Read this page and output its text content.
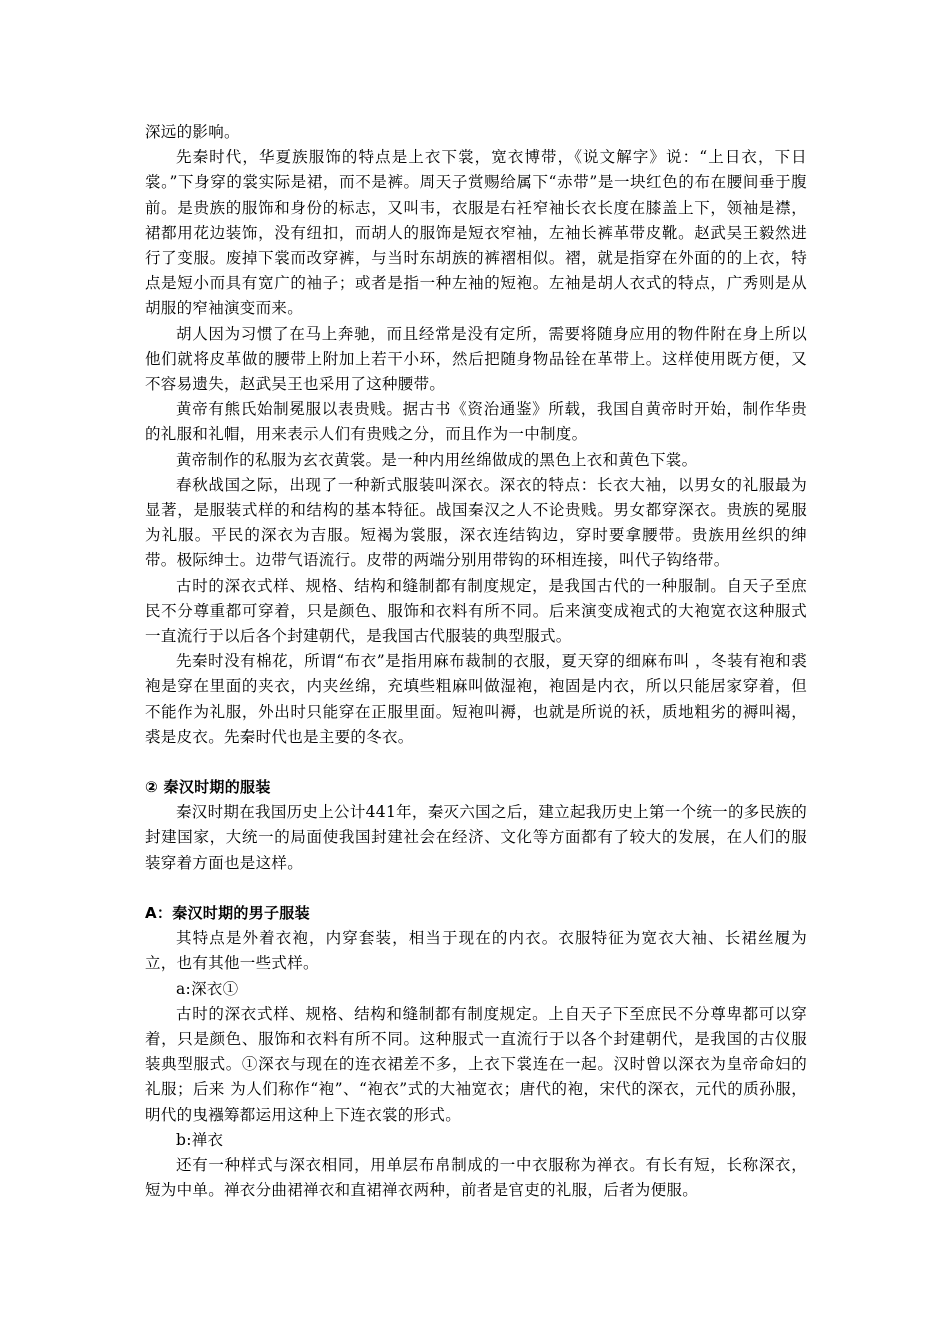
深远的影响。

先秦时代，华夏族服饰的特点是上衣下裳，宽衣博带，《说文解字》说：“上日衣，下日裳。”下身穿的裳实际是裙，而不是裤。周天子赏赐给属下“赤带”是一块红色的布在腰间垂于腹前。是贵族的服饰和身份的标志，又叫韦，衣服是右衽窄袖长衣长度在膝盖上下，领袖是襟，裙都用花边装饰，没有纽扣，而胡人的服饰是短衣窄袖，左袖长裤革带皮靴。赵武吴王毅然进行了变服。废掉下裳而改穿裤，与当时东胡族的裤褶相似。褶，就是指穿在外面的的上衣，特点是短小而具有宽广的袖子；或者是指一种左袖的短袍。左袖是胡人衣式的特点，广秀则是从胡服的窄袖演变而来。

胡人因为习惯了在马上奔驰，而且经常是没有定所，需要将随身应用的物件附在身上所以他们就将皮革做的腰带上附加上若干小环，然后把随身物品铨在革带上。这样使用既方便，又不容易遗失，赵武吴王也采用了这种腰带。

黄帝有熊氏始制冕服以表贵贱。据古书《资治通鉴》所载，我国自黄帝时开始，制作华贵的礼服和礼帽，用来表示人们有贵贱之分，而且作为一中制度。

黄帝制作的私服为玄衣黄裳。是一种内用丝绵做成的黑色上衣和黄色下裳。

春秋战国之际，出现了一种新式服装叫深衣。深衣的特点：长衣大袖，以男女的礼服最为显著，是服装式样的和结构的基本特征。战国秦汉之人不论贵贱。男女都穿深衣。贵族的冕服为礼服。平民的深衣为吉服。短褐为裳服，深衣连结钩边，穿时要拿腰带。贵族用丝织的绅带。极际绅士。边带气语流行。皮带的两端分别用带钩的环相连接，叫代子钩络带。

古时的深衣式样、规格、结构和缝制都有制度规定，是我国古代的一种服制。自天子至庶民不分尊重都可穿着，只是颜色、服饰和衣料有所不同。后来演变成袍式的大袍宽衣这种服式一直流行于以后各个封建朝代，是我国古代服装的典型服式。

先秦时没有棉花，所谓“布衣”是指用麻布裁制的衣服，夏天穿的细麻布叫 ，冬装有袍和裘袍是穿在里面的夹衣，内夹丝绵，充填些粗麻叫做湿袍，袍固是内衣，所以只能居家穿着，但不能作为礼服，外出时只能穿在正服里面。短袍叫褥，也就是所说的袄，质地粗劣的褥叫褐，裘是皮衣。先秦时代也是主要的冬衣。

② 秦汉时期的服装

秦汉时期在我国历史上公计441年，秦灭六国之后，建立起我历史上第一个统一的多民族的封建国家，大统一的局面使我国封建社会在经济、文化等方面都有了较大的发展，在人们的服装穿着方面也是这样。

A：秦汉时期的男子服装

其特点是外着衣袍，内穿套装，相当于现在的内衣。衣服特征为宽衣大袖、长裙丝履为立，也有其他一些式样。

a:深衣①

古时的深衣式样、规格、结构和缝制都有制度规定。上自天子下至庶民不分尊卑都可以穿着，只是颜色、服饰和衣料有所不同。这种服式一直流行于以各个封建朝代，是我国的古仪服装典型服式。①深衣与现在的连衣裙差不多，上衣下裳连在一起。汉时曾以深衣为皇帝命妇的礼服；后来 为人们称作“袍”、“袍衣”式的大袖宽衣；唐代的袍，宋代的深衣，元代的质孙服，明代的曳襁筹都运用这种上下连衣裳的形式。

b:禅衣

还有一种样式与深衣相同，用单层布帛制成的一中衣服称为禅衣。有长有短，长称深衣，短为中单。禅衣分曲裙禅衣和直裙禅衣两种，前者是官吏的礼服，后者为便服。
